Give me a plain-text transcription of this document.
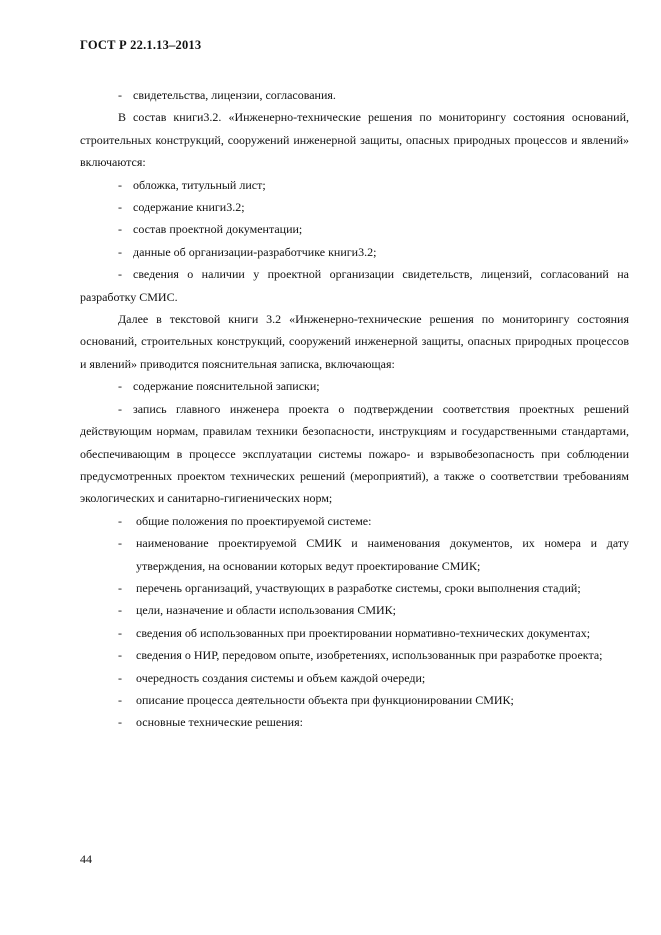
ГОСТ Р 22.1.13–2013

- свидетельства, лицензии, согласования.

В состав книги3.2. «Инженерно-технические решения по мониторингу состояния оснований, строительных конструкций, сооружений инженерной защиты, опасных природных процессов и явлений» включаются:

- обложка, титульный лист;

- содержание книги3.2;

- состав проектной документации;

- данные об организации-разработчике книги3.2;

- сведения о наличии у проектной организации свидетельств, лицензий, согласований на разработку СМИС.

Далее в текстовой книги 3.2 «Инженерно-технические решения по мониторингу состояния оснований, строительных конструкций, сооружений инженерной защиты, опасных природных процессов и явлений» приводится пояснительная записка, включающая:

- содержание пояснительной записки;

- запись главного инженера проекта о подтверждении соответствия проектных решений действующим нормам, правилам техники безопасности, инструкциям и государственными стандартами, обеспечивающим в процессе эксплуатации системы пожаро- и взрывобезопасность при соблюдении предусмотренных проектом технических решений (мероприятий), а также о соответствии требованиям экологических и санитарно-гигиенических норм;

- общие положения по проектируемой системе:

- наименование проектируемой СМИК и наименования документов, их номера и дату утверждения, на основании которых ведут проектирование СМИК;

- перечень организаций, участвующих в разработке системы, сроки выполнения стадий;

- цели, назначение и области использования СМИК;

- сведения об использованных при проектировании нормативно-технических документах;

- сведения о НИР, передовом опыте, изобретениях, использованнык при разработке проекта;

- очередность создания системы и объем каждой очереди;

- описание процесса деятельности объекта при функционировании СМИК;

- основные технические решения:

44
